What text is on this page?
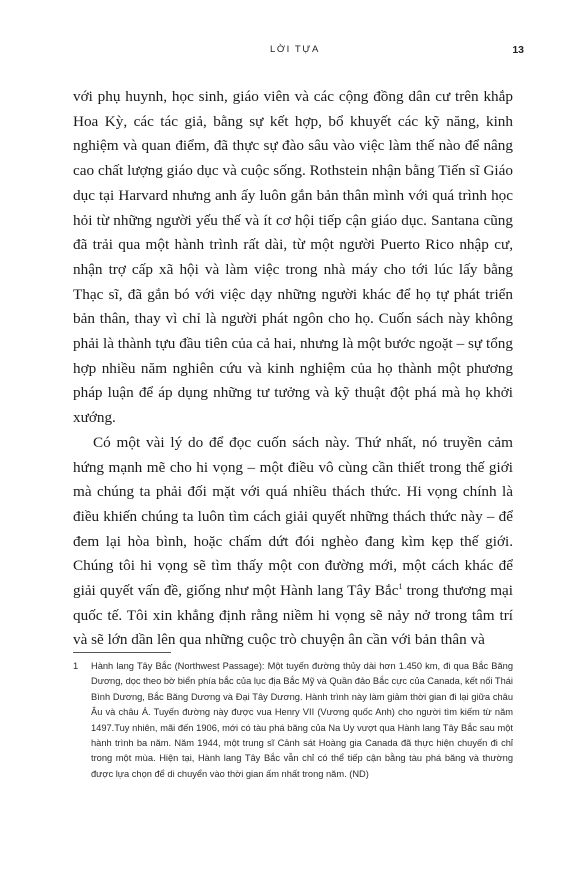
LỜI TỰA	13

với phụ huynh, học sinh, giáo viên và các cộng đồng dân cư trên khắp Hoa Kỳ, các tác giả, bằng sự kết hợp, bổ khuyết các kỹ năng, kinh nghiệm và quan điểm, đã thực sự đào sâu vào việc làm thế nào để nâng cao chất lượng giáo dục và cuộc sống. Rothstein nhận bằng Tiến sĩ Giáo dục tại Harvard nhưng anh ấy luôn gắn bản thân mình với quá trình học hỏi từ những người yếu thế và ít cơ hội tiếp cận giáo dục. Santana cũng đã trải qua một hành trình rất dài, từ một người Puerto Rico nhập cư, nhận trợ cấp xã hội và làm việc trong nhà máy cho tới lúc lấy bằng Thạc sĩ, đã gắn bó với việc dạy những người khác để họ tự phát triển bản thân, thay vì chỉ là người phát ngôn cho họ. Cuốn sách này không phải là thành tựu đầu tiên của cả hai, nhưng là một bước ngoặt – sự tổng hợp nhiều năm nghiên cứu và kinh nghiệm của họ thành một phương pháp luận để áp dụng những tư tưởng và kỹ thuật đột phá mà họ khởi xướng.

Có một vài lý do để đọc cuốn sách này. Thứ nhất, nó truyền cảm hứng mạnh mẽ cho hi vọng – một điều vô cùng cần thiết trong thế giới mà chúng ta phải đối mặt với quá nhiều thách thức. Hi vọng chính là điều khiến chúng ta luôn tìm cách giải quyết những thách thức này – để đem lại hòa bình, hoặc chấm dứt đói nghèo đang kìm kẹp thế giới. Chúng tôi hi vọng sẽ tìm thấy một con đường mới, một cách khác để giải quyết vấn đề, giống như một Hành lang Tây Bắc$^1$ trong thương mại quốc tế. Tôi xin khẳng định rằng niềm hi vọng sẽ nảy nở trong tâm trí và sẽ lớn dần lên qua những cuộc trò chuyện ân cần với bản thân và

1 Hành lang Tây Bắc (Northwest Passage): Một tuyến đường thủy dài hơn 1.450 km, đi qua Bắc Băng Dương, dọc theo bờ biển phía bắc của lục địa Bắc Mỹ và Quần đảo Bắc cực của Canada, kết nối Thái Bình Dương, Bắc Băng Dương và Đại Tây Dương. Hành trình này làm giảm thời gian đi lại giữa châu Âu và châu Á. Tuyến đường này được vua Henry VII (Vương quốc Anh) cho người tìm kiếm từ năm 1497.Tuy nhiên, mãi đến 1906, mới có tàu phá băng của Na Uy vượt qua Hành lang Tây Bắc sau một hành trình ba năm. Năm 1944, một trung sĩ Cảnh sát Hoàng gia Canada đã thực hiện chuyến đi chỉ trong một mùa. Hiện tại, Hành lang Tây Bắc vẫn chỉ có thể tiếp cận bằng tàu phá băng và thường được lựa chọn để di chuyển vào thời gian ấm nhất trong năm. (ND)
